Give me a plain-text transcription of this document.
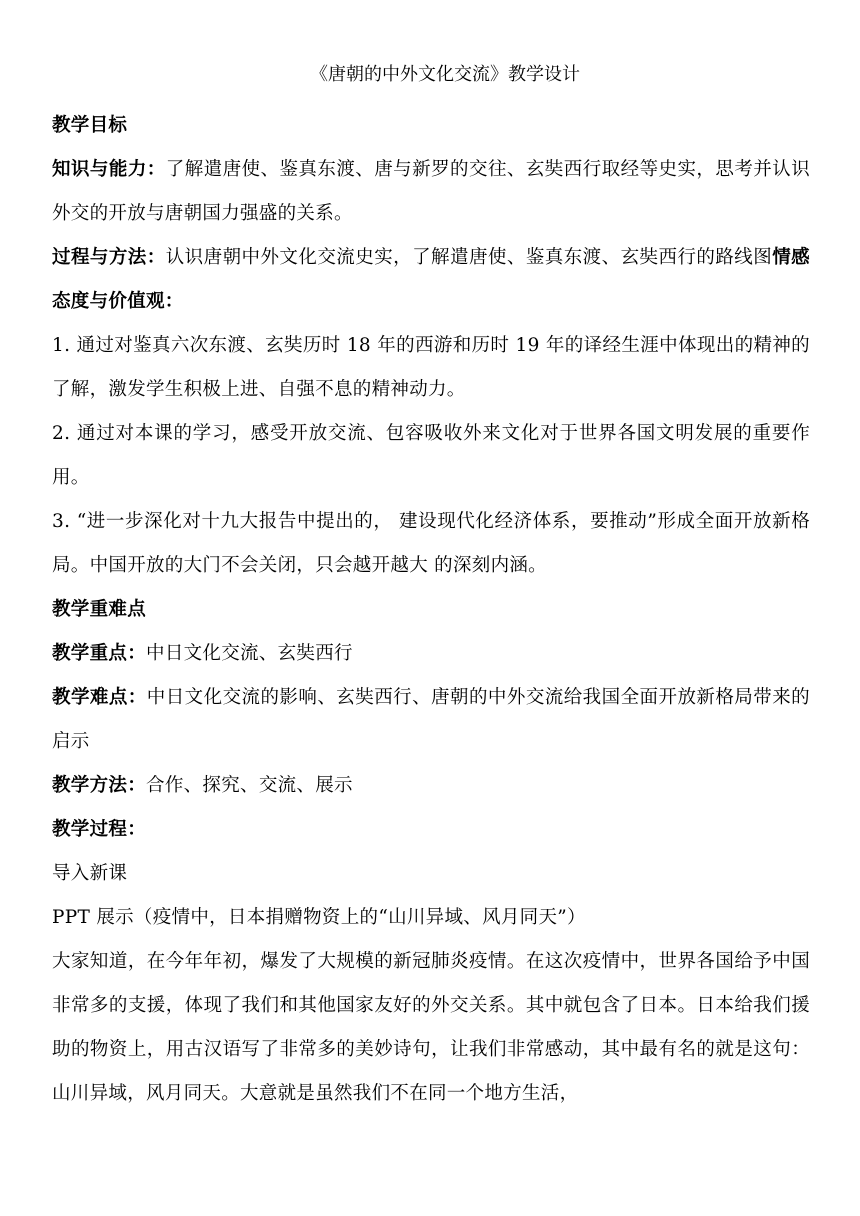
《唐朝的中外文化交流》教学设计

教学目标

知识与能力：了解遣唐使、鉴真东渡、唐与新罗的交往、玄奘西行取经等史实，思考并认识外交的开放与唐朝国力强盛的关系。

过程与方法：认识唐朝中外文化交流史实，了解遣唐使、鉴真东渡、玄奘西行的路线图情感态度与价值观：

1. 通过对鉴真六次东渡、玄奘历时 18 年的西游和历时 19 年的译经生涯中体现出的精神的了解，激发学生积极上进、自强不息的精神动力。

2. 通过对本课的学习，感受开放交流、包容吸收外来文化对于世界各国文明发展的重要作用。

3. “进一步深化对十九大报告中提出的， 建设现代化经济体系，要推动”形成全面开放新格局。中国开放的大门不会关闭，只会越开越大 的深刻内涵。

教学重难点

教学重点：中日文化交流、玄奘西行

教学难点：中日文化交流的影响、玄奘西行、唐朝的中外交流给我国全面开放新格局带来的启示

教学方法：合作、探究、交流、展示

教学过程：

导入新课

PPT 展示（疫情中，日本捐赠物资上的“山川异域、风月同天”）

大家知道，在今年年初，爆发了大规模的新冠肺炎疫情。在这次疫情中，世界各国给予中国非常多的支援，体现了我们和其他国家友好的外交关系。其中就包含了日本。日本给我们援助的物资上，用古汉语写了非常多的美妙诗句，让我们非常感动，其中最有名的就是这句：山川异域，风月同天。大意就是虽然我们不在同一个地方生活，
